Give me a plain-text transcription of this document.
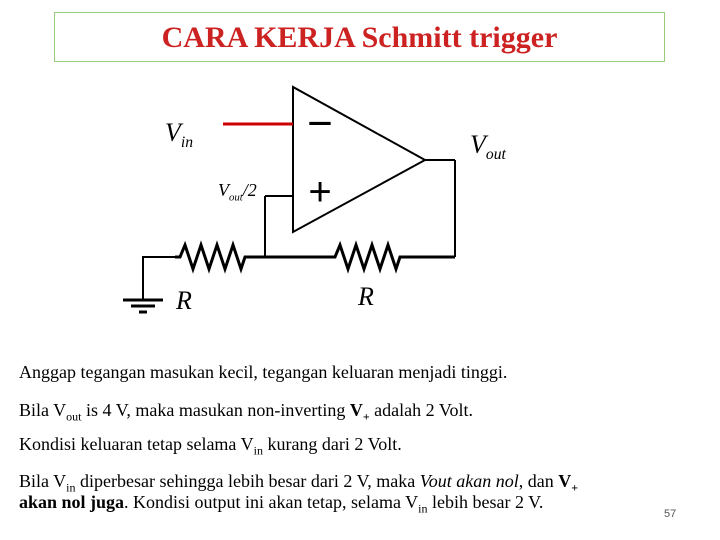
CARA KERJA Schmitt trigger
−
+
$V_{in}$	$V_{out}$
$V_{out}/2$
R	R
Anggap tegangan masukan kecil, tegangan keluaran menjadi tinggi.
Bila $V_{out}$ is 4 V, maka masukan non-inverting $V_+$ adalah 2 Volt.
Kondisi keluaran tetap selama $V_{in}$ kurang dari 2 Volt.
Bila $V_{in}$ diperbesar sehingga lebih besar dari 2 V, maka Vout akan nol, dan $V_+$
akan nol juga. Kondisi output ini akan tetap, selama $V_{in}$ lebih besar 2 V.
57
